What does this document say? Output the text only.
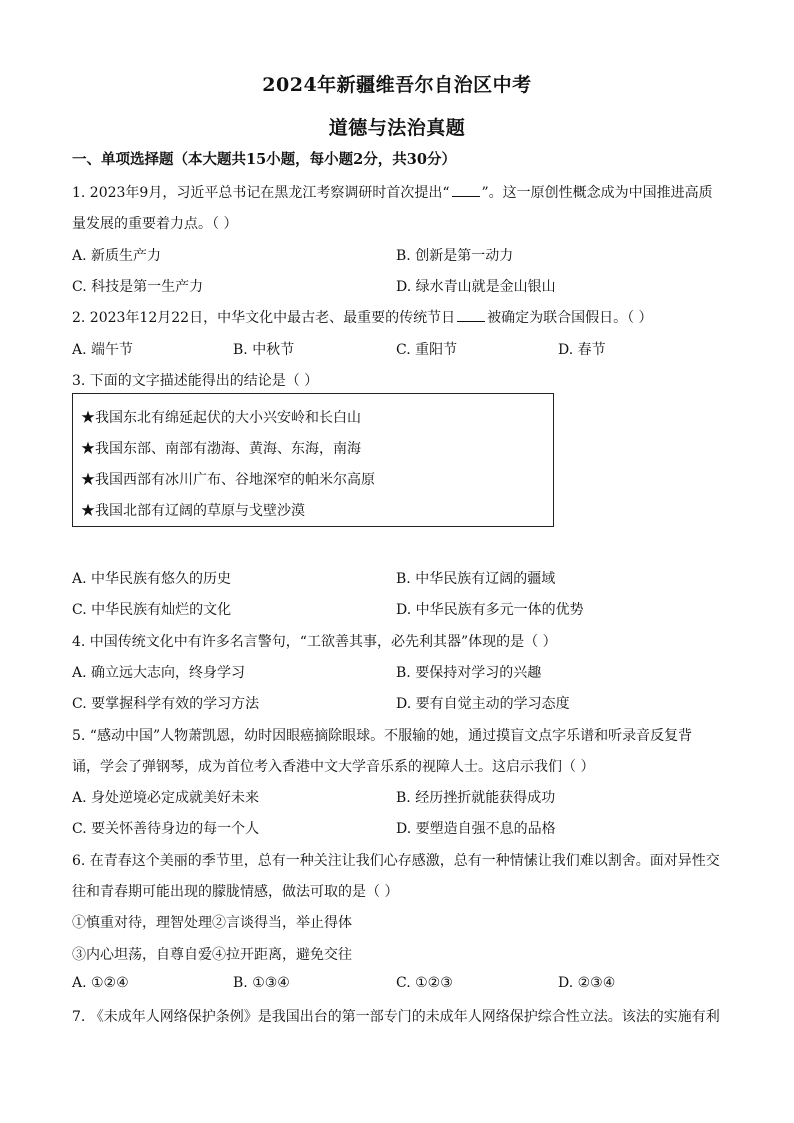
2024年新疆维吾尔自治区中考
道德与法治真题
一、单项选择题（本大题共15小题，每小题2分，共30分）
1. 2023年9月，习近平总书记在黑龙江考察调研时首次提出“ ”。这一原创性概念成为中国推进高质
量发展的重要着力点。（ ）
A. 新质生产力	B. 创新是第一动力
C. 科技是第一生产力	D. 绿水青山就是金山银山
2. 2023年12月22日，中华文化中最古老、最重要的传统节日 被确定为联合国假日。（ ）
A. 端午节	B. 中秋节	C. 重阳节	D. 春节
3. 下面的文字描述能得出的结论是（ ）
★我国东北有绵延起伏的大小兴安岭和长白山
★我国东部、南部有渤海、黄海、东海，南海
★我国西部有冰川广布、谷地深窄的帕米尔高原
★我国北部有辽阔的草原与戈壁沙漠
A. 中华民族有悠久的历史	B. 中华民族有辽阔的疆域
C. 中华民族有灿烂的文化	D. 中华民族有多元一体的优势
4. 中国传统文化中有许多名言警句，“工欲善其事，必先利其器”体现的是（ ）
A. 确立远大志向，终身学习	B. 要保持对学习的兴趣
C. 要掌握科学有效的学习方法	D. 要有自觉主动的学习态度
5. “感动中国”人物萧凯恩，幼时因眼癌摘除眼球。不服输的她，通过摸盲文点字乐谱和听录音反复背
诵，学会了弹钢琴，成为首位考入香港中文大学音乐系的视障人士。这启示我们（ ）
A. 身处逆境必定成就美好未来	B. 经历挫折就能获得成功
C. 要关怀善待身边的每一个人	D. 要塑造自强不息的品格
6. 在青春这个美丽的季节里，总有一种关注让我们心存感激，总有一种情愫让我们难以割舍。面对异性交
往和青春期可能出现的朦胧情感，做法可取的是（ ）
①慎重对待，理智处理②言谈得当，举止得体
③内心坦荡，自尊自爱④拉开距离，避免交往
A. ①②④	B. ①③④	C. ①②③	D. ②③④
7. 《未成年人网络保护条例》是我国出台的第一部专门的未成年人网络保护综合性立法。该法的实施有利
